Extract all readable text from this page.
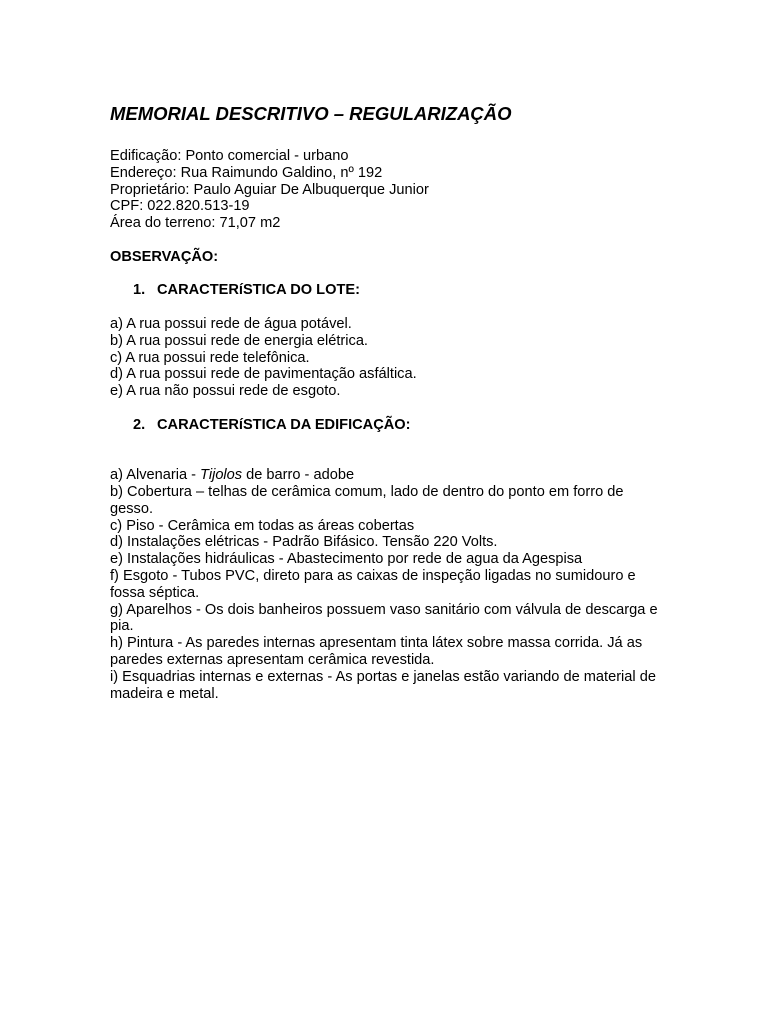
MEMORIAL DESCRITIVO – REGULARIZAÇÃO

Edificação: Ponto comercial - urbano

Endereço: Rua Raimundo Galdino, nº 192

Proprietário: Paulo Aguiar De Albuquerque Junior

CPF: 022.820.513-19

Área do terreno: 71,07 m2

OBSERVAÇÃO:

1. CARACTERíSTICA DO LOTE:

a) A rua possui rede de água potável.

b) A rua possui rede de energia elétrica.

c) A rua possui rede telefônica.

d) A rua possui rede de pavimentação asfáltica.

e) A rua não possui rede de esgoto.

2. CARACTERíSTICA DA EDIFICAÇÃO:

a) Alvenaria - Tijolos de barro - adobe

b) Cobertura – telhas de cerâmica comum, lado de dentro do ponto em forro de gesso.

c) Piso - Cerâmica em todas as áreas cobertas

d) Instalações elétricas - Padrão Bifásico. Tensão 220 Volts.

e) Instalações hidráulicas - Abastecimento por rede de agua da Agespisa

f) Esgoto - Tubos PVC, direto para as caixas de inspeção ligadas no sumidouro e fossa séptica.

g) Aparelhos - Os dois banheiros possuem vaso sanitário com válvula de descarga e pia.

h) Pintura - As paredes internas apresentam tinta látex sobre massa corrida. Já as paredes externas apresentam cerâmica revestida.

i) Esquadrias internas e externas - As portas e janelas estão variando de material de madeira e metal.
